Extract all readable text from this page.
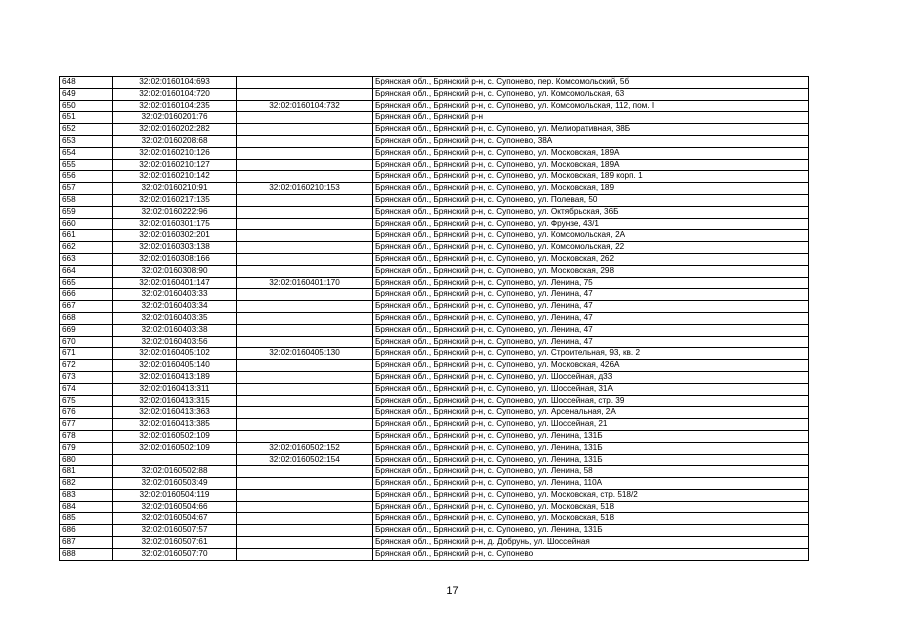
648	32:02:0160104:693		Брянская обл., Брянский р-н, с. Супонево, пер. Комсомольский, 5б
649	32:02:0160104:720		Брянская обл., Брянский р-н, с. Супонево, ул. Комсомольская, 63
650	32:02:0160104:235	32:02:0160104:732	Брянская обл., Брянский р-н, с. Супонево, ул. Комсомольская, 112, пом. I
651	32:02:0160201:76		Брянская обл., Брянский р-н
652	32:02:0160202:282		Брянская обл., Брянский р-н, с. Супонево, ул. Мелиоративная, 38Б
653	32:02:0160208:68		Брянская обл., Брянский р-н, с. Супонево, 38А
654	32:02:0160210:126		Брянская обл., Брянский р-н, с. Супонево, ул. Московская, 189А
655	32:02:0160210:127		Брянская обл., Брянский р-н, с. Супонево, ул. Московская, 189А
656	32:02:0160210:142		Брянская обл., Брянский р-н, с. Супонево, ул. Московская, 189 корп. 1
657	32:02:0160210:91	32:02:0160210:153	Брянская обл., Брянский р-н, с. Супонево, ул. Московская, 189
658	32:02:0160217:135		Брянская обл., Брянский р-н, с. Супонево, ул. Полевая, 50
659	32:02:0160222:96		Брянская обл., Брянский р-н, с. Супонево, ул. Октябрьская, 36Б
660	32:02:0160301:175		Брянская обл., Брянский р-н, с. Супонево, ул. Фрунзе, 43/1
661	32:02:0160302:201		Брянская обл., Брянский р-н, с. Супонево, ул. Комсомольская, 2А
662	32:02:0160303:138		Брянская обл., Брянский р-н, с. Супонево, ул. Комсомольская, 22
663	32:02:0160308:166		Брянская обл., Брянский р-н, с. Супонево, ул. Московская, 262
664	32:02:0160308:90		Брянская обл., Брянский р-н, с. Супонево, ул. Московская, 298
665	32:02:0160401:147	32:02:0160401:170	Брянская обл., Брянский р-н, с. Супонево, ул. Ленина, 75
666	32:02:0160403:33		Брянская обл., Брянский р-н, с. Супонево, ул. Ленина, 47
667	32:02:0160403:34		Брянская обл., Брянский р-н, с. Супонево, ул. Ленина, 47
668	32:02:0160403:35		Брянская обл., Брянский р-н, с. Супонево, ул. Ленина, 47
669	32:02:0160403:38		Брянская обл., Брянский р-н, с. Супонево, ул. Ленина, 47
670	32:02:0160403:56		Брянская обл., Брянский р-н, с. Супонево, ул. Ленина, 47
671	32:02:0160405:102	32:02:0160405:130	Брянская обл., Брянский р-н, с. Супонево, ул. Строительная, 93, кв. 2
672	32:02:0160405:140		Брянская обл., Брянский р-н, с. Супонево, ул. Московская, 426А
673	32:02:0160413:189		Брянская обл., Брянский р-н, с. Супонево, ул. Шоссейная, д33
674	32:02:0160413:311		Брянская обл., Брянский р-н, с. Супонево, ул. Шоссейная, 31А
675	32:02:0160413:315		Брянская обл., Брянский р-н, с. Супонево, ул. Шоссейная, стр. 39
676	32:02:0160413:363		Брянская обл., Брянский р-н, с. Супонево, ул. Арсенальная, 2А
677	32:02:0160413:385		Брянская обл., Брянский р-н, с. Супонево, ул. Шоссейная, 21
678	32:02:0160502:109		Брянская обл., Брянский р-н, с. Супонево, ул. Ленина, 131Б
679	32:02:0160502:109	32:02:0160502:152	Брянская обл., Брянский р-н, с. Супонево, ул. Ленина, 131Б
680		32:02:0160502:154	Брянская обл., Брянский р-н, с. Супонево, ул. Ленина, 131Б
681	32:02:0160502:88		Брянская обл., Брянский р-н, с. Супонево, ул. Ленина, 58
682	32:02:0160503:49		Брянская обл., Брянский р-н, с. Супонево, ул. Ленина, 110А
683	32:02:0160504:119		Брянская обл., Брянский р-н, с. Супонево, ул. Московская, стр. 518/2
684	32:02:0160504:66		Брянская обл., Брянский р-н, с. Супонево, ул. Московская, 518
685	32:02:0160504:67		Брянская обл., Брянский р-н, с. Супонево, ул. Московская, 518
686	32:02:0160507:57		Брянская обл., Брянский р-н, с. Супонево, ул. Ленина, 131Б
687	32:02:0160507:61		Брянская обл., Брянский р-н, д. Добрунь, ул. Шоссейная
688	32:02:0160507:70		Брянская обл., Брянский р-н, с. Супонево
17
